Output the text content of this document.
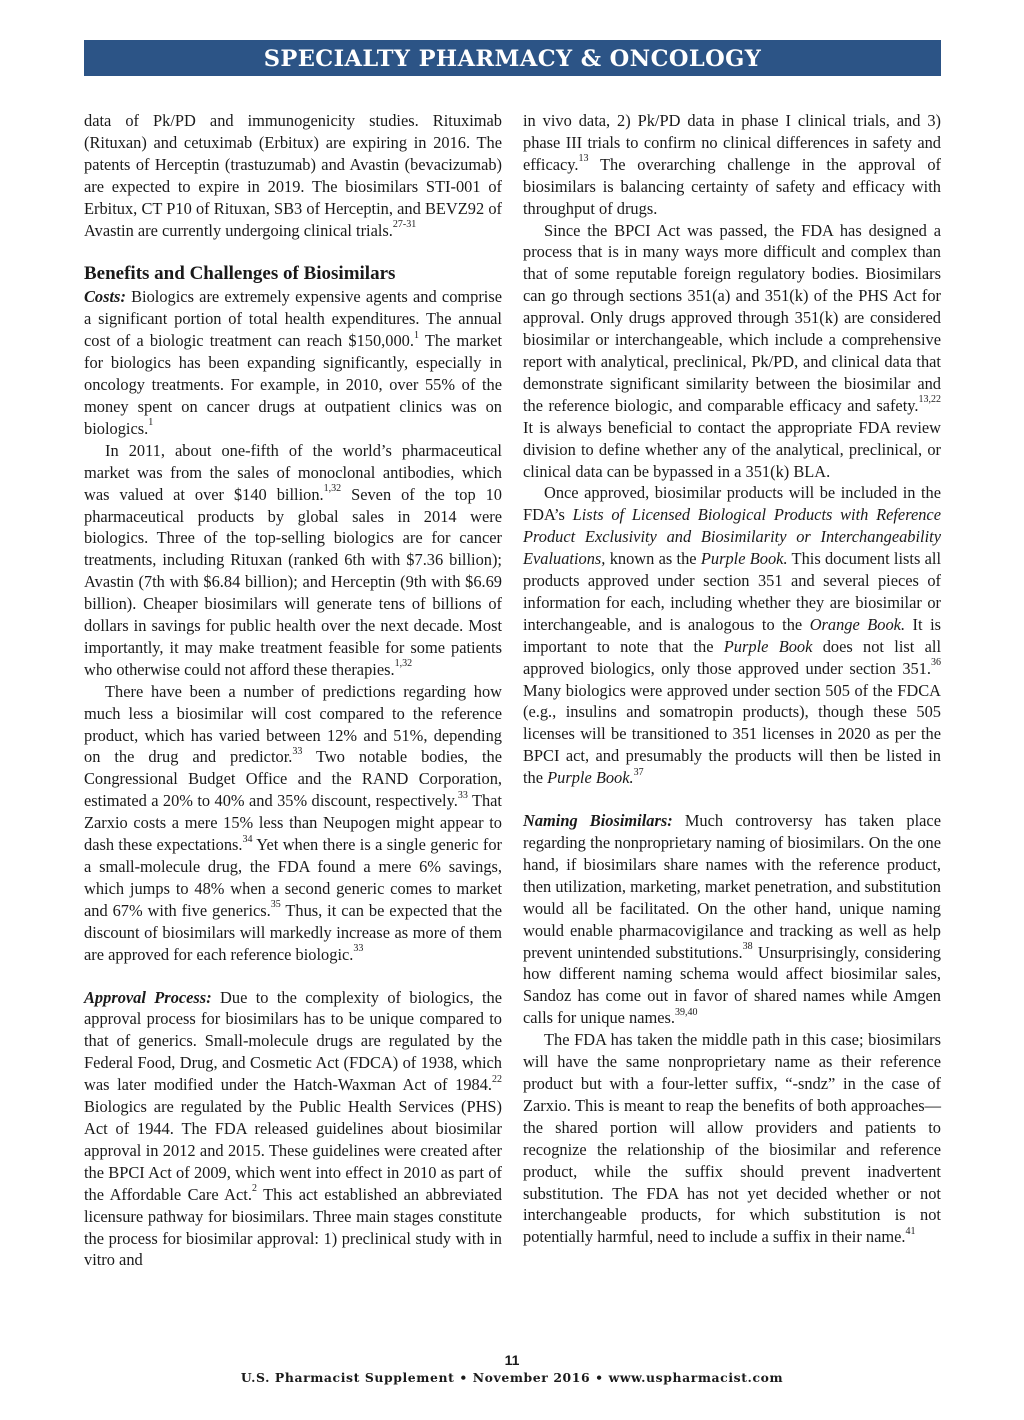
SPECIALTY PHARMACY & ONCOLOGY

data of Pk/PD and immunogenicity studies. Rituximab (Rituxan) and cetuximab (Erbitux) are expiring in 2016. The patents of Herceptin (trastuzumab) and Avastin (bevacizumab) are expected to expire in 2019. The biosimilars STI-001 of Erbitux, CT P10 of Rituxan, SB3 of Herceptin, and BEVZ92 of Avastin are currently undergoing clinical trials.$^{27-31}$

Benefits and Challenges of Biosimilars

Costs: Biologics are extremely expensive agents and comprise a significant portion of total health expenditures. The annual cost of a biologic treatment can reach $150,000.$^1$ The market for biologics has been expanding significantly, especially in oncology treatments. For example, in 2010, over 55% of the money spent on cancer drugs at outpatient clinics was on biologics.$^1$

In 2011, about one-fifth of the world’s pharmaceutical market was from the sales of monoclonal antibodies, which was valued at over $140 billion.$^{1,32}$ Seven of the top 10 pharmaceutical products by global sales in 2014 were biologics. Three of the top-selling biologics are for cancer treatments, including Rituxan (ranked 6th with $7.36 billion); Avastin (7th with $6.84 billion); and Herceptin (9th with $6.69 billion). Cheaper biosimilars will generate tens of billions of dollars in savings for public health over the next decade. Most importantly, it may make treatment feasible for some patients who otherwise could not afford these therapies.$^{1,32}$

There have been a number of predictions regarding how much less a biosimilar will cost compared to the reference product, which has varied between 12% and 51%, depending on the drug and predictor.$^{33}$ Two notable bodies, the Congressional Budget Office and the RAND Corporation, estimated a 20% to 40% and 35% discount, respectively.$^{33}$ That Zarxio costs a mere 15% less than Neupogen might appear to dash these expectations.$^{34}$ Yet when there is a single generic for a small-molecule drug, the FDA found a mere 6% savings, which jumps to 48% when a second generic comes to market and 67% with five generics.$^{35}$ Thus, it can be expected that the discount of biosimilars will markedly increase as more of them are approved for each reference biologic.$^{33}$

Approval Process: Due to the complexity of biologics, the approval process for biosimilars has to be unique compared to that of generics. Small-molecule drugs are regulated by the Federal Food, Drug, and Cosmetic Act (FDCA) of 1938, which was later modified under the Hatch-Waxman Act of 1984.22 Biologics are regulated by the Public Health Services (PHS) Act of 1944. The FDA released guidelines about biosimilar approval in 2012 and 2015. These guidelines were created after the BPCI Act of 2009, which went into effect in 2010 as part of the Affordable Care Act.$^2$ This act established an abbreviated licensure pathway for biosimilars. Three main stages constitute the process for biosimilar approval: 1) preclinical study with in vitro and

in vivo data, 2) Pk/PD data in phase I clinical trials, and 3) phase III trials to confirm no clinical differences in safety and efficacy.$^{13}$ The overarching challenge in the approval of biosimilars is balancing certainty of safety and efficacy with throughput of drugs.

Since the BPCI Act was passed, the FDA has designed a process that is in many ways more difficult and complex than that of some reputable foreign regulatory bodies. Biosimilars can go through sections 351(a) and 351(k) of the PHS Act for approval. Only drugs approved through 351(k) are considered biosimilar or interchangeable, which include a comprehensive report with analytical, preclinical, Pk/PD, and clinical data that demonstrate significant similarity between the biosimilar and the reference biologic, and comparable efficacy and safety.$^{13,22}$ It is always beneficial to contact the appropriate FDA review division to define whether any of the analytical, preclinical, or clinical data can be bypassed in a 351(k) BLA.

Once approved, biosimilar products will be included in the FDA’s Lists of Licensed Biological Products with Reference Product Exclusivity and Biosimilarity or Interchangeability Evaluations, known as the Purple Book. This document lists all products approved under section 351 and several pieces of information for each, including whether they are biosimilar or interchangeable, and is analogous to the Orange Book. It is important to note that the Purple Book does not list all approved biologics, only those approved under section 351.36 Many biologics were approved under section 505 of the FDCA (e.g., insulins and somatropin products), though these 505 licenses will be transitioned to 351 licenses in 2020 as per the BPCI act, and presumably the products will then be listed in the Purple Book.$^{37}$

Naming Biosimilars: Much controversy has taken place regarding the nonproprietary naming of biosimilars. On the one hand, if biosimilars share names with the reference product, then utilization, marketing, market penetration, and substitution would all be facilitated. On the other hand, unique naming would enable pharmacovigilance and tracking as well as help prevent unintended substitutions.$^{38}$ Unsurprisingly, considering how different naming schema would affect biosimilar sales, Sandoz has come out in favor of shared names while Amgen calls for unique names.$^{39,40}$

The FDA has taken the middle path in this case; biosimilars will have the same nonproprietary name as their reference product but with a four-letter suffix, “-sndz” in the case of Zarxio. This is meant to reap the benefits of both approaches—the shared portion will allow providers and patients to recognize the relationship of the biosimilar and reference product, while the suffix should prevent inadvertent substitution. The FDA has not yet decided whether or not interchangeable products, for which substitution is not potentially harmful, need to include a suffix in their name.$^{41}$

11
U.S. Pharmacist Supplement • November 2016 • www.uspharmacist.com
